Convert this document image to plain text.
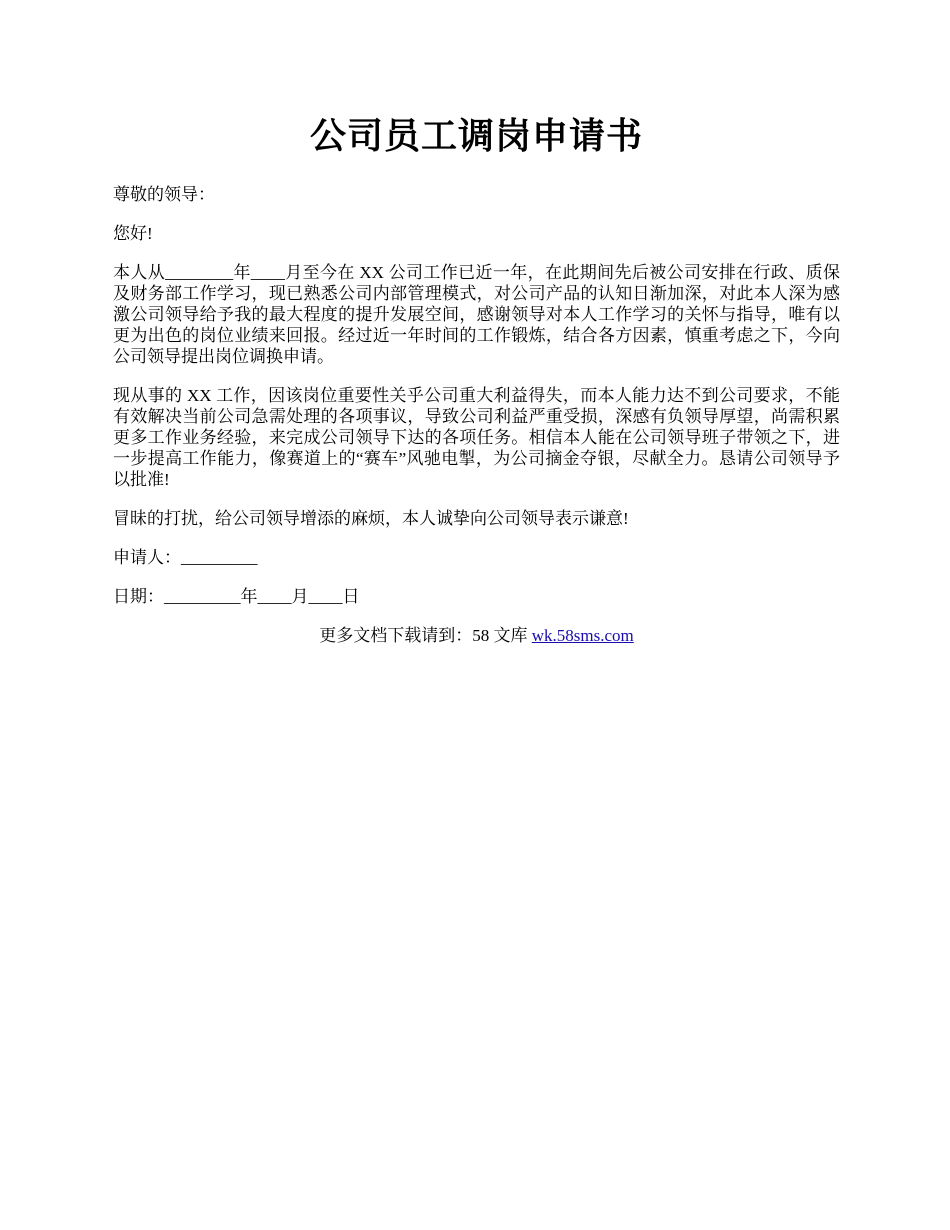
公司员工调岗申请书

尊敬的领导：

您好!

本人从________年____月至今在 XX 公司工作已近一年，在此期间先后被公司安排在行政、质保及财务部工作学习，现已熟悉公司内部管理模式，对公司产品的认知日渐加深，对此本人深为感激公司领导给予我的最大程度的提升发展空间，感谢领导对本人工作学习的关怀与指导，唯有以更为出色的岗位业绩来回报。经过近一年时间的工作锻炼，结合各方因素，慎重考虑之下，今向公司领导提出岗位调换申请。

现从事的 XX 工作，因该岗位重要性关乎公司重大利益得失，而本人能力达不到公司要求，不能有效解决当前公司急需处理的各项事议，导致公司利益严重受损，深感有负领导厚望，尚需积累更多工作业务经验，来完成公司领导下达的各项任务。相信本人能在公司领导班子带领之下，进一步提高工作能力，像赛道上的“赛车”风驰电掣，为公司摘金夺银，尽献全力。恳请公司领导予以批准!

冒昧的打扰，给公司领导增添的麻烦，本人诚挚向公司领导表示谦意!

申请人：_________

日期：_________年____月____日

更多文档下载请到：58 文库 wk.58sms.com
